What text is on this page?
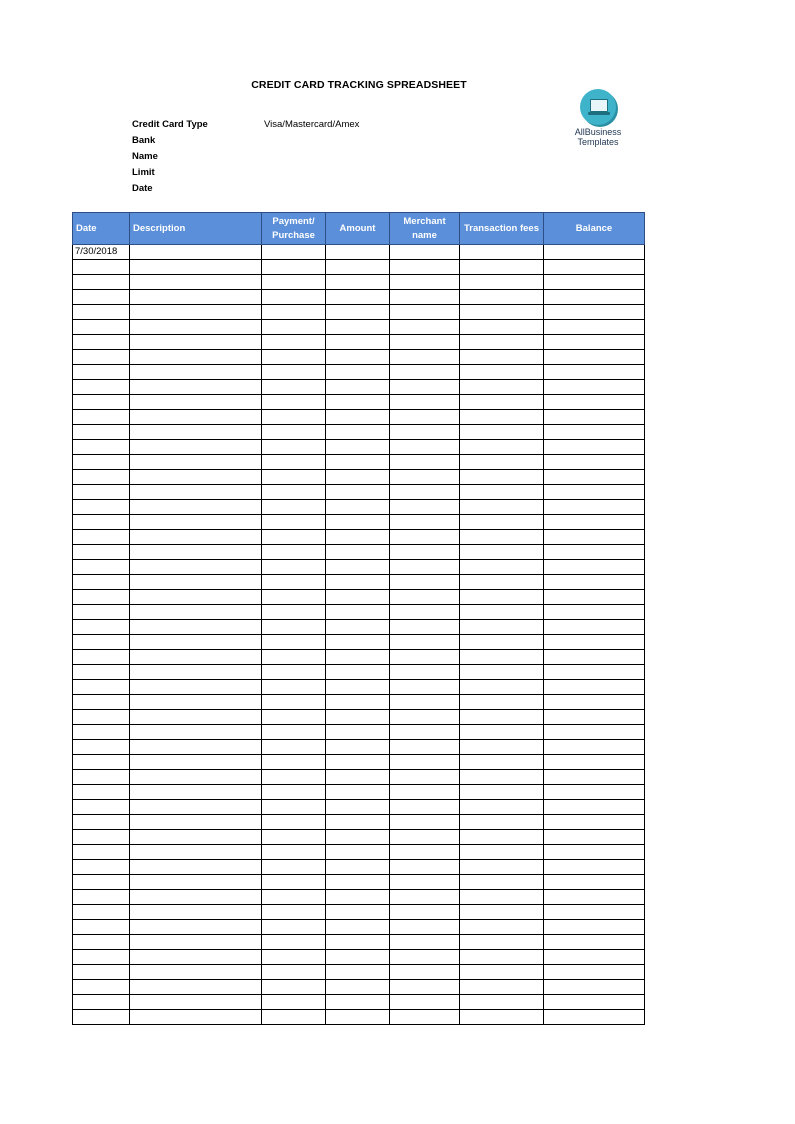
CREDIT CARD TRACKING SPREADSHEET
Credit Card Type	Visa/Mastercard/Amex
Bank
Name
Limit
Date
AllBusiness
Templates
Date	Description	Payment/ Purchase	Amount	Merchant name	Transaction fees	Balance
7/30/2018						
